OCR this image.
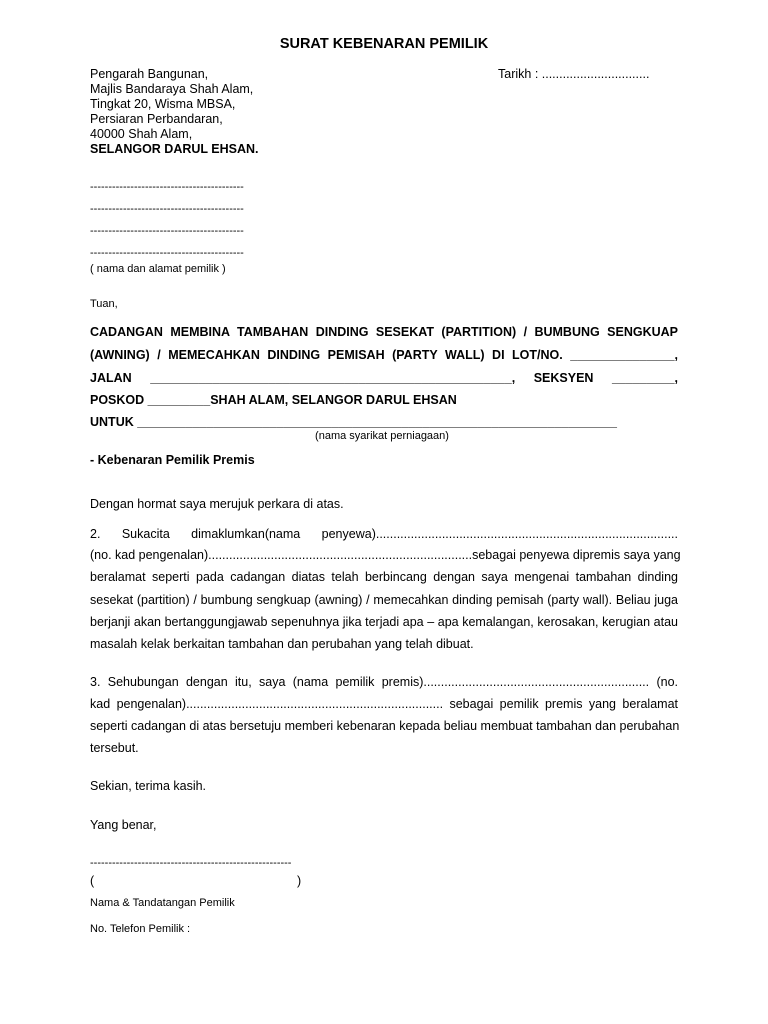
SURAT KEBENARAN PEMILIK
Pengarah Bangunan,
Majlis Bandaraya Shah Alam,
Tingkat 20, Wisma MBSA,
Persiaran Perbandaran,
40000 Shah Alam,
SELANGOR DARUL EHSAN.
Tarikh : ...............................
------------------------------------------
------------------------------------------
------------------------------------------
------------------------------------------
( nama dan alamat pemilik )
Tuan,
CADANGAN MEMBINA TAMBAHAN DINDING SESEKAT (PARTITION) / BUMBUNG SENGKUAP
(AWNING) / MEMECAHKAN DINDING PEMISAH (PARTY WALL) DI LOT/NO. _______________,
JALAN ____________________________________________________, SEKSYEN _________,
POSKOD _________SHAH ALAM, SELANGOR DARUL EHSAN
UNTUK _____________________________________________________________________
(nama syarikat perniagaan)
- Kebenaran Pemilik Premis
Dengan hormat saya merujuk perkara di atas.
2. Sukacita dimaklumkan(nama penyewa).......................................................................................
(no. kad pengenalan)............................................................................sebagai penyewa dipremis saya yang
beralamat seperti pada cadangan diatas telah berbincang dengan saya mengenai tambahan dinding
sesekat (partition) / bumbung sengkuap (awning) / memecahkan dinding pemisah (party wall). Beliau juga
berjanji akan bertanggungjawab sepenuhnya jika terjadi apa – apa kemalangan, kerosakan, kerugian atau
masalah kelak berkaitan tambahan dan perubahan yang telah dibuat.
3. Sehubungan dengan itu, saya (nama pemilik premis)................................................................. (no.
kad pengenalan).......................................................................... sebagai pemilik premis yang beralamat
seperti cadangan di atas bersetuju memberi kebenaran kepada beliau membuat tambahan dan perubahan
tersebut.
Sekian, terima kasih.
Yang benar,
-------------------------------------------------------
(	)
Nama & Tandatangan Pemilik
No. Telefon Pemilik :
